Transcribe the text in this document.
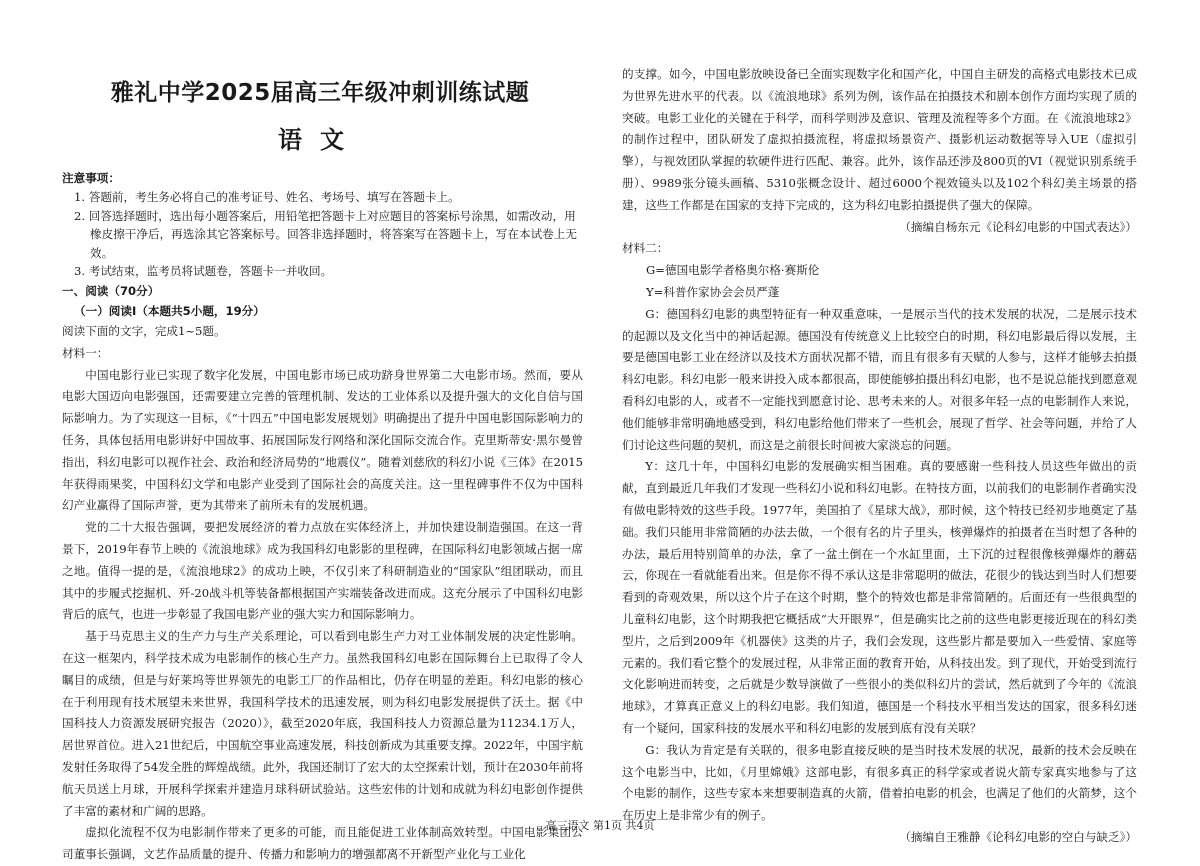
雅礼中学2025届高三年级冲刺训练试题
语文
注意事项：
1. 答题前，考生务必将自己的准考证号、姓名、考场号、填写在答题卡上。
2. 回答选择题时，选出每小题答案后，用铅笔把答题卡上对应题目的答案标号涂黑，如需改动，用橡皮擦干净后，再选涂其它答案标号。回答非选择题时，将答案写在答题卡上，写在本试卷上无效。
3. 考试结束，监考员将试题卷，答题卡一并收回。
一、阅读（70分）
（一）阅读Ⅰ（本题共5小题，19分）

阅读下面的文字，完成1~5题。

材料一：

中国电影行业已实现了数字化发展，中国电影市场已成功跻身世界第二大电影市场。然而，要从电影大国迈向电影强国，还需要建立完善的管理机制、发达的工业体系以及提升强大的文化自信与国际影响力。为了实现这一目标，《“十四五”中国电影发展规划》明确提出了提升中国电影国际影响力的任务，具体包括用电影讲好中国故事、拓展国际发行网络和深化国际交流合作。克里斯蒂安·黑尔曼曾指出，科幻电影可以视作社会、政治和经济局势的“地震仪”。随着刘慈欣的科幻小说《三体》在2015年获得雨果奖，中国科幻文学和电影产业受到了国际社会的高度关注。这一里程碑事件不仅为中国科幻产业赢得了国际声誉，更为其带来了前所未有的发展机遇。

党的二十大报告强调，要把发展经济的着力点放在实体经济上，并加快建设制造强国。在这一背景下，2019年春节上映的《流浪地球》成为我国科幻电影影的里程碑，在国际科幻电影领域占据一席之地。值得一提的是，《流浪地球2》的成功上映，不仅引来了科研制造业的“国家队”组团联动，而且其中的步履式挖掘机、歼-20战斗机等装备都根据国产实端装备改进而成。这充分展示了中国科幻电影背后的底气，也进一步彰显了我国电影产业的强大实力和国际影响力。

基于马克思主义的生产力与生产关系理论，可以看到电影生产力对工业体制发展的决定性影响。在这一框架内，科学技术成为电影制作的核心生产力。虽然我国科幻电影在国际舞台上已取得了令人瞩目的成绩，但是与好莱坞等世界领先的电影工厂的作品相比，仍存在明显的差距。科幻电影的核心在于利用现有技术展望未来世界，我国科学技术的迅速发展，则为科幻电影发展提供了沃土。据《中国科技人力资源发展研究报告（2020）》，截至2020年底，我国科技人力资源总量为11234.1万人，居世界首位。进入21世纪后，中国航空事业高速发展，科技创新成为其重要支撑。2022年，中国宇航发射任务取得了54发全胜的辉煌战绩。此外，我国还制订了宏大的太空探索计划，预计在2030年前将航天员送上月球，开展科学探索并建造月球科研试验站。这些宏伟的计划和成就为科幻电影创作提供了丰富的素材和广阔的思路。

虚拟化流程不仅为电影制作带来了更多的可能，而且能促进工业体制高效转型。中国电影集团公司董事长强调，文艺作品质量的提升、传播力和影响力的增强都离不开新型产业化与工业化

的支撑。如今，中国电影放映设备已全面实现数字化和国产化，中国自主研发的高格式电影技术已成为世界先进水平的代表。以《流浪地球》系列为例，该作品在拍摄技术和剧本创作方面均实现了质的突破。电影工业化的关键在于科学，而科学则涉及意识、管理及流程等多个方面。在《流浪地球2》的制作过程中，团队研发了虚拟拍摄流程，将虚拟场景资产、摄影机运动数据等导入UE（虚拟引擎），与视效团队掌握的软硬件进行匹配、兼容。此外，该作品还涉及800页的VI（视觉识别系统手册）、9989张分镜头画稿、5310张概念设计、超过6000个视效镜头以及102个科幻美主场景的搭建，这些工作都是在国家的支持下完成的，这为科幻电影拍摄提供了强大的保障。

（摘编自杨东元《论科幻电影的中国式表达》）

材料二：

G=德国电影学者格奥尔格·赛斯伦

Y=科普作家协会会员严蓬

G：德国科幻电影的典型特征有一种双重意味，一是展示当代的技术发展的状况，二是展示技术的起源以及文化当中的神话起源。德国没有传统意义上比较空白的时期，科幻电影最后得以发展，主要是德国电影工业在经济以及技术方面状况都不错，而且有很多有天赋的人参与，这样才能够去拍摄科幻电影。科幻电影一般来讲投入成本都很高，即使能够拍摄出科幻电影，也不是说总能找到愿意观看科幻电影的人，或者不一定能找到愿意讨论、思考未来的人。对很多年轻一点的电影制作人来说，他们能够非常明确地感受到，科幻电影给他们带来了一些机会，展现了哲学、社会等问题，并给了人们讨论这些问题的契机，而这是之前很长时间被大家淡忘的问题。

Y：这几十年，中国科幻电影的发展确实相当困难。真的要感谢一些科技人员这些年做出的贡献，直到最近几年我们才发现一些科幻小说和科幻电影。在特技方面，以前我们的电影制作者确实没有做电影特效的这些手段。1977年，美国拍了《星球大战》，那时候，这个特技已经初步地奠定了基础。我们只能用非常简陋的办法去做，一个很有名的片子里头，核弹爆炸的拍摄者在当时想了各种的办法，最后用特别简单的办法，拿了一盆土倒在一个水缸里面，土下沉的过程很像核弹爆炸的蘑菇云，你现在一看就能看出来。但是你不得不承认这是非常聪明的做法，花很少的钱达到当时人们想要看到的奇观效果，所以这个片子在这个时期，整个的特效也都是非常简陋的。后面还有一些很典型的儿童科幻电影，这个时期我把它概括成“大开眼界”，但是确实比之前的这些电影更接近现在的科幻类型片，之后到2009年《机器侠》这类的片子，我们会发现，这些影片都是要加入一些爱情、家庭等元素的。我们看它整个的发展过程，从非常正面的教育开始，从科技出发。到了现代，开始受到流行文化影响进而转变，之后就是少数导演做了一些很小的类似科幻片的尝试，然后就到了今年的《流浪地球》，才算真正意义上的科幻电影。我们知道，德国是一个科技水平相当发达的国家，很多科幻迷有一个疑问，国家科技的发展水平和科幻电影的发展到底有没有关联？

G：我认为肯定是有关联的，很多电影直接反映的是当时技术发展的状况，最新的技术会反映在这个电影当中，比如，《月里嫦娥》这部电影，有很多真正的科学家或者说火箭专家真实地参与了这个电影的制作，这些专家本来想要制造真的火箭，借着拍电影的机会，也满足了他们的火箭梦，这个在历史上是非常少有的例子。

（摘编自王雅静《论科幻电影的空白与缺乏》）

高三语文 第1页 共4页
